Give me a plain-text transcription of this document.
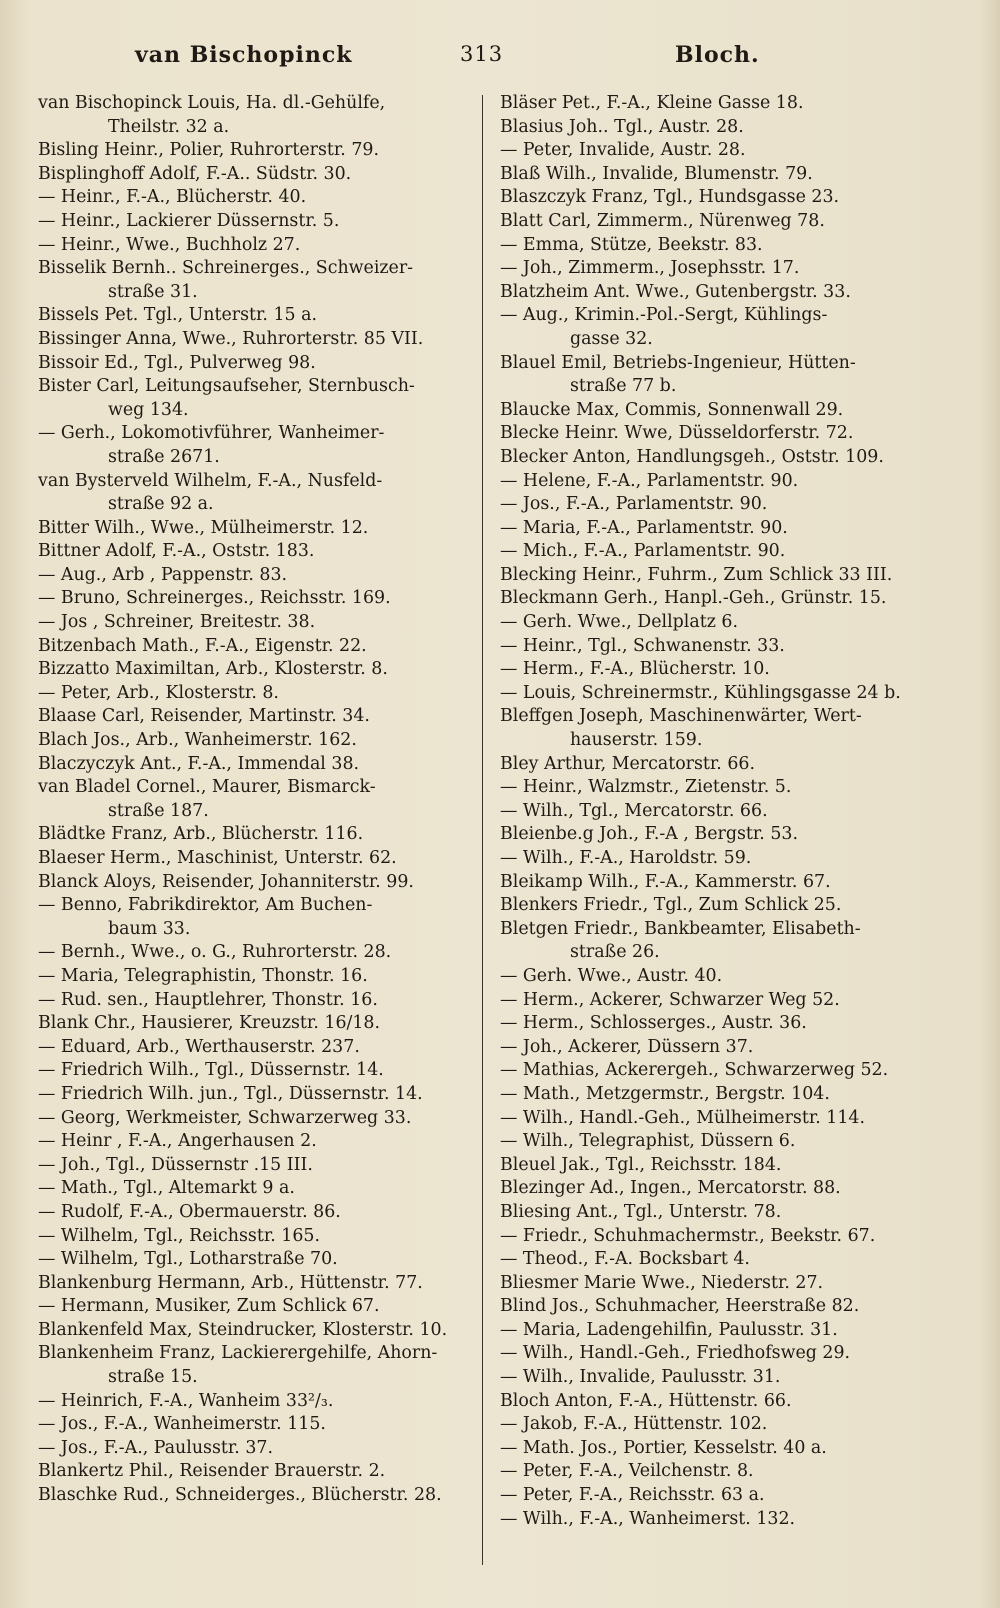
van Bischopinck	313	Bloch.
van Bischopinck Louis, Ha. dl.-Gehülfe,
Theilstr. 32 a.
Bisling Heinr., Polier, Ruhrorterstr. 79.
Bisplinghoff Adolf, F.-A.. Südstr. 30.
— Heinr., F.-A., Blücherstr. 40.
— Heinr., Lackierer Düssernstr. 5.
— Heinr., Wwe., Buchholz 27.
Bisselik Bernh.. Schreinerges., Schweizer-
straße 31.
Bissels Pet. Tgl., Unterstr. 15 a.
Bissinger Anna, Wwe., Ruhrorterstr. 85 VII.
Bissoir Ed., Tgl., Pulverweg 98.
Bister Carl, Leitungsaufseher, Sternbusch-
weg 134.
— Gerh., Lokomotivführer, Wanheimer-
straße 2671.
van Bysterveld Wilhelm, F.-A., Nusfeld-
straße 92 a.
Bitter Wilh., Wwe., Mülheimerstr. 12.
Bittner Adolf, F.-A., Oststr. 183.
— Aug., Arb , Pappenstr. 83.
— Bruno, Schreinerges., Reichsstr. 169.
— Jos , Schreiner, Breitestr. 38.
Bitzenbach Math., F.-A., Eigenstr. 22.
Bizzatto Maximiltan, Arb., Klosterstr. 8.
— Peter, Arb., Klosterstr. 8.
Blaase Carl, Reisender, Martinstr. 34.
Blach Jos., Arb., Wanheimerstr. 162.
Blaczyczyk Ant., F.-A., Immendal 38.
van Bladel Cornel., Maurer, Bismarck-
straße 187.
Blädtke Franz, Arb., Blücherstr. 116.
Blaeser Herm., Maschinist, Unterstr. 62.
Blanck Aloys, Reisender, Johanniterstr. 99.
— Benno, Fabrikdirektor, Am Buchen-
baum 33.
— Bernh., Wwe., o. G., Ruhrorterstr. 28.
— Maria, Telegraphistin, Thonstr. 16.
— Rud. sen., Hauptlehrer, Thonstr. 16.
Blank Chr., Hausierer, Kreuzstr. 16/18.
— Eduard, Arb., Werthauserstr. 237.
— Friedrich Wilh., Tgl., Düssernstr. 14.
— Friedrich Wilh. jun., Tgl., Düssernstr. 14.
— Georg, Werkmeister, Schwarzerweg 33.
— Heinr , F.-A., Angerhausen 2.
— Joh., Tgl., Düssernstr .15 III.
— Math., Tgl., Altemarkt 9 a.
— Rudolf, F.-A., Obermauerstr. 86.
— Wilhelm, Tgl., Reichsstr. 165.
— Wilhelm, Tgl., Lotharstraße 70.
Blankenburg Hermann, Arb., Hüttenstr. 77.
— Hermann, Musiker, Zum Schlick 67.
Blankenfeld Max, Steindrucker, Klosterstr. 10.
Blankenheim Franz, Lackierergehilfe, Ahorn-
straße 15.
— Heinrich, F.-A., Wanheim 33²/₃.
— Jos., F.-A., Wanheimerstr. 115.
— Jos., F.-A., Paulusstr. 37.
Blankertz Phil., Reisender Brauerstr. 2.
Blaschke Rud., Schneiderges., Blücherstr. 28.
Bläser Pet., F.-A., Kleine Gasse 18.
Blasius Joh.. Tgl., Austr. 28.
— Peter, Invalide, Austr. 28.
Blaß Wilh., Invalide, Blumenstr. 79.
Blaszczyk Franz, Tgl., Hundsgasse 23.
Blatt Carl, Zimmerm., Nürenweg 78.
— Emma, Stütze, Beekstr. 83.
— Joh., Zimmerm., Josephsstr. 17.
Blatzheim Ant. Wwe., Gutenbergstr. 33.
— Aug., Krimin.-Pol.-Sergt, Kühlings-
gasse 32.
Blauel Emil, Betriebs-Ingenieur, Hütten-
straße 77 b.
Blaucke Max, Commis, Sonnenwall 29.
Blecke Heinr. Wwe, Düsseldorferstr. 72.
Blecker Anton, Handlungsgeh., Oststr. 109.
— Helene, F.-A., Parlamentstr. 90.
— Jos., F.-A., Parlamentstr. 90.
— Maria, F.-A., Parlamentstr. 90.
— Mich., F.-A., Parlamentstr. 90.
Blecking Heinr., Fuhrm., Zum Schlick 33 III.
Bleckmann Gerh., Hanpl.-Geh., Grünstr. 15.
— Gerh. Wwe., Dellplatz 6.
— Heinr., Tgl., Schwanenstr. 33.
— Herm., F.-A., Blücherstr. 10.
— Louis, Schreinermstr., Kühlingsgasse 24 b.
Bleffgen Joseph, Maschinenwärter, Wert-
hauserstr. 159.
Bley Arthur, Mercatorstr. 66.
— Heinr., Walzmstr., Zietenstr. 5.
— Wilh., Tgl., Mercatorstr. 66.
Bleienbe.g Joh., F.-A , Bergstr. 53.
— Wilh., F.-A., Haroldstr. 59.
Bleikamp Wilh., F.-A., Kammerstr. 67.
Blenkers Friedr., Tgl., Zum Schlick 25.
Bletgen Friedr., Bankbeamter, Elisabeth-
straße 26.
— Gerh. Wwe., Austr. 40.
— Herm., Ackerer, Schwarzer Weg 52.
— Herm., Schlosserges., Austr. 36.
— Joh., Ackerer, Düssern 37.
— Mathias, Ackerergeh., Schwarzerweg 52.
— Math., Metzgermstr., Bergstr. 104.
— Wilh., Handl.-Geh., Mülheimerstr. 114.
— Wilh., Telegraphist, Düssern 6.
Bleuel Jak., Tgl., Reichsstr. 184.
Blezinger Ad., Ingen., Mercatorstr. 88.
Bliesing Ant., Tgl., Unterstr. 78.
— Friedr., Schuhmachermstr., Beekstr. 67.
— Theod., F.-A. Bocksbart 4.
Bliesmer Marie Wwe., Niederstr. 27.
Blind Jos., Schuhmacher, Heerstraße 82.
— Maria, Ladengehilfin, Paulusstr. 31.
— Wilh., Handl.-Geh., Friedhofsweg 29.
— Wilh., Invalide, Paulusstr. 31.
Bloch Anton, F.-A., Hüttenstr. 66.
— Jakob, F.-A., Hüttenstr. 102.
— Math. Jos., Portier, Kesselstr. 40 a.
— Peter, F.-A., Veilchenstr. 8.
— Peter, F.-A., Reichsstr. 63 a.
— Wilh., F.-A., Wanheimerst. 132.
